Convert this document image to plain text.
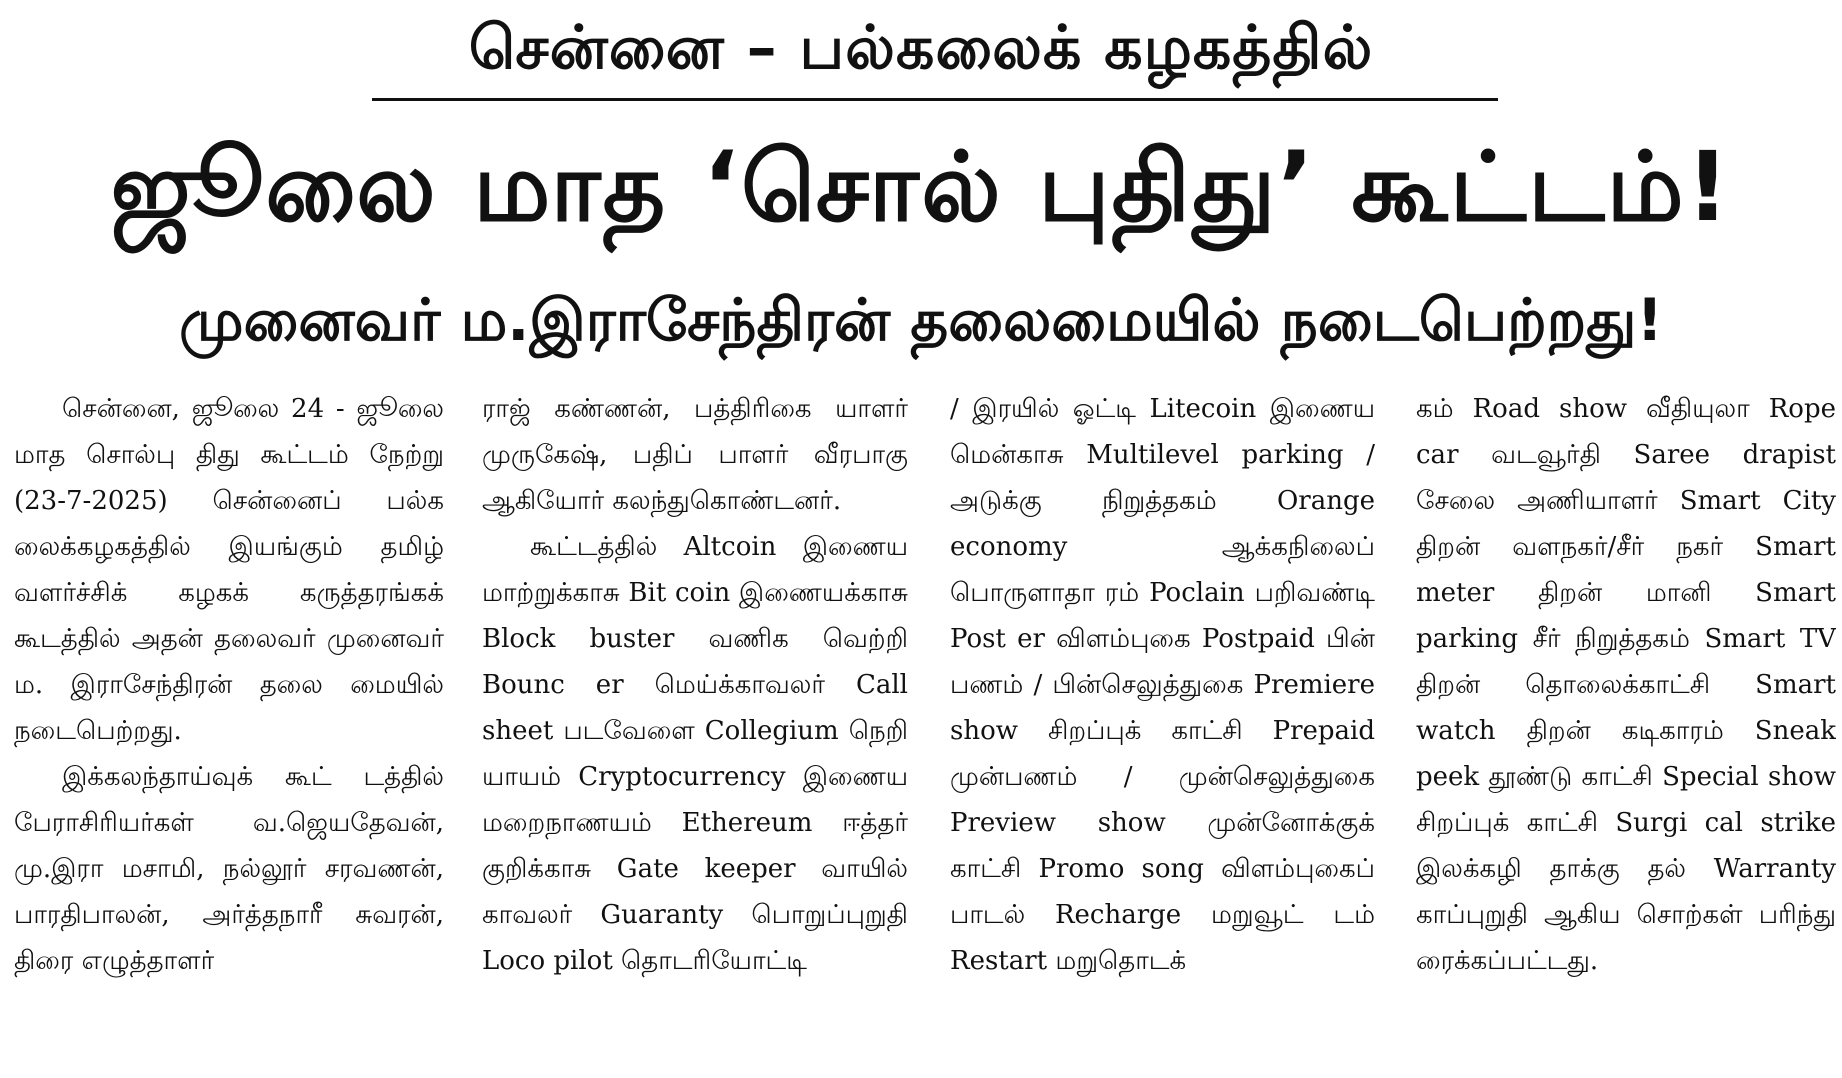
சென்னை – பல்கலைக் கழகத்தில்
ஜூலை மாத ‘சொல் புதிது’ கூட்டம்!
முனைவர் ம.இராசேந்திரன் தலைமையில் நடைபெற்றது!

சென்னை, ஜூலை 24 - ஜூலை மாத சொல்பு திது கூட்டம் நேற்று (23-7-2025) சென்னைப் பல்க லைக்கழகத்தில் இயங்கும் தமிழ் வளர்ச்சிக் கழகக் கருத்தரங்கக் கூடத்தில் அதன் தலைவர் முனைவர் ம. இராசேந்திரன் தலை மையில் நடைபெற்றது.

இக்கலந்தாய்வுக் கூட் டத்தில் பேராசிரியர்கள் வ.ஜெயதேவன், மு.இரா மசாமி, நல்லூர் சரவணன், பாரதிபாலன், அர்த்தநாரீ சுவரன், திரை எழுத்தாளர்

ராஜ் கண்ணன், பத்திரிகை யாளர் முருகேஷ், பதிப் பாளர் வீரபாகு ஆகியோர் கலந்துகொண்டனர்.

கூட்டத்தில் Altcoin இணைய மாற்றுக்காசு Bit coin இணையக்காசு Block buster வணிக வெற்றி Bounc er மெய்க்காவலர் Call sheet படவேளை Collegium நெறி யாயம் Cryptocurrency இணைய மறைநாணயம் Ethereum ஈத்தர் குறிக்காசு Gate keeper வாயில் காவலர் Guaranty பொறுப்புறுதி Loco pilot தொடரியோட்டி

/ இரயில் ஓட்டி Litecoin இணைய மென்காசு Multilevel parking / அடுக்கு நிறுத்தகம் Orange economy ஆக்கநிலைப் பொருளாதா ரம் Poclain பறிவண்டி Post er விளம்புகை Postpaid பின் பணம் / பின்செலுத்துகை Premiere show சிறப்புக் காட்சி Prepaid முன்பணம் / முன்செலுத்துகை Preview show முன்னோக்குக் காட்சி Promo song விளம்புகைப் பாடல் Recharge மறுவூட் டம் Restart மறுதொடக்

கம் Road show வீதியுலா Rope car வடவூர்தி Saree drapist சேலை அணியாளர் Smart City திறன் வளநகர்/சீர் நகர் Smart meter திறன் மானி Smart parking சீர் நிறுத்தகம் Smart TV திறன் தொலைக்காட்சி Smart watch திறன் கடிகாரம் Sneak peek தூண்டு காட்சி Special show சிறப்புக் காட்சி Surgi cal strike இலக்கழி தாக்கு தல் Warranty காப்புறுதி ஆகிய சொற்கள் பரிந்து ரைக்கப்பட்டது.
